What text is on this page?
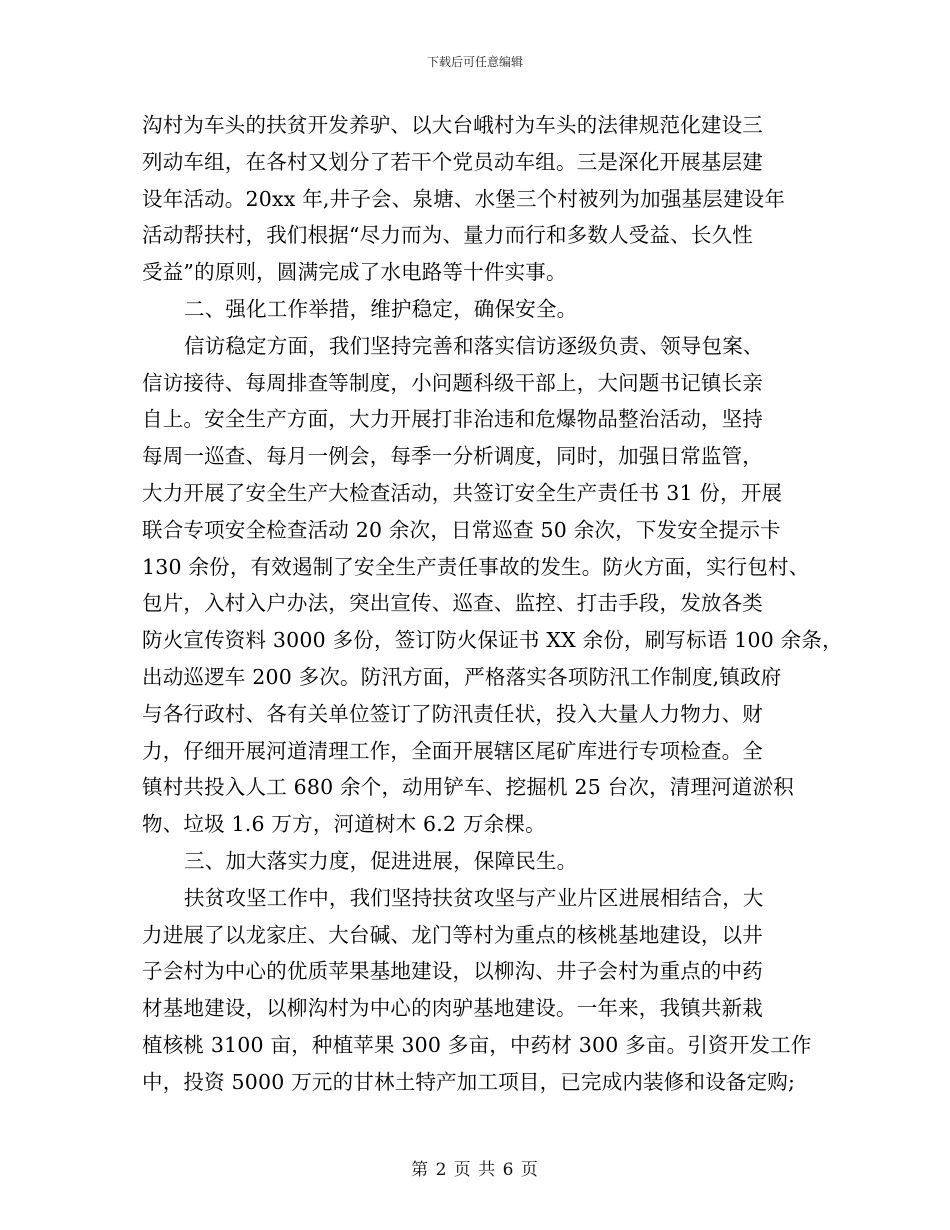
下载后可任意编辑
沟村为车头的扶贫开发养驴、以大台峨村为车头的法律规范化建设三
列动车组，在各村又划分了若干个党员动车组。三是深化开展基层建
设年活动。20xx 年,井子会、泉塘、水堡三个村被列为加强基层建设年
活动帮扶村，我们根据“尽力而为、量力而行和多数人受益、长久性
受益”的原则，圆满完成了水电路等十件实事。
二、强化工作举措，维护稳定，确保安全。
信访稳定方面，我们坚持完善和落实信访逐级负责、领导包案、
信访接待、每周排查等制度，小问题科级干部上，大问题书记镇长亲
自上。安全生产方面，大力开展打非治违和危爆物品整治活动，坚持
每周一巡查、每月一例会，每季一分析调度，同时，加强日常监管，
大力开展了安全生产大检查活动，共签订安全生产责任书 31 份，开展
联合专项安全检查活动 20 余次，日常巡查 50 余次，下发安全提示卡
130 余份，有效遏制了安全生产责任事故的发生。防火方面，实行包村、
包片，入村入户办法，突出宣传、巡查、监控、打击手段，发放各类
防火宣传资料 3000 多份，签订防火保证书 XX 余份，刷写标语 100 余条，
出动巡逻车 200 多次。防汛方面，严格落实各项防汛工作制度,镇政府
与各行政村、各有关单位签订了防汛责任状，投入大量人力物力、财
力，仔细开展河道清理工作，全面开展辖区尾矿库进行专项检查。全
镇村共投入人工 680 余个，动用铲车、挖掘机 25 台次，清理河道淤积
物、垃圾 1.6 万方，河道树木 6.2 万余棵。
三、加大落实力度，促进进展，保障民生。
扶贫攻坚工作中，我们坚持扶贫攻坚与产业片区进展相结合，大
力进展了以龙家庄、大台碱、龙门等村为重点的核桃基地建设，以井
子会村为中心的优质苹果基地建设，以柳沟、井子会村为重点的中药
材基地建设，以柳沟村为中心的肉驴基地建设。一年来，我镇共新栽
植核桃 3100 亩，种植苹果 300 多亩，中药材 300 多亩。引资开发工作
中，投资 5000 万元的甘林土特产加工项目，已完成内装修和设备定购;
第 2 页 共 6 页
